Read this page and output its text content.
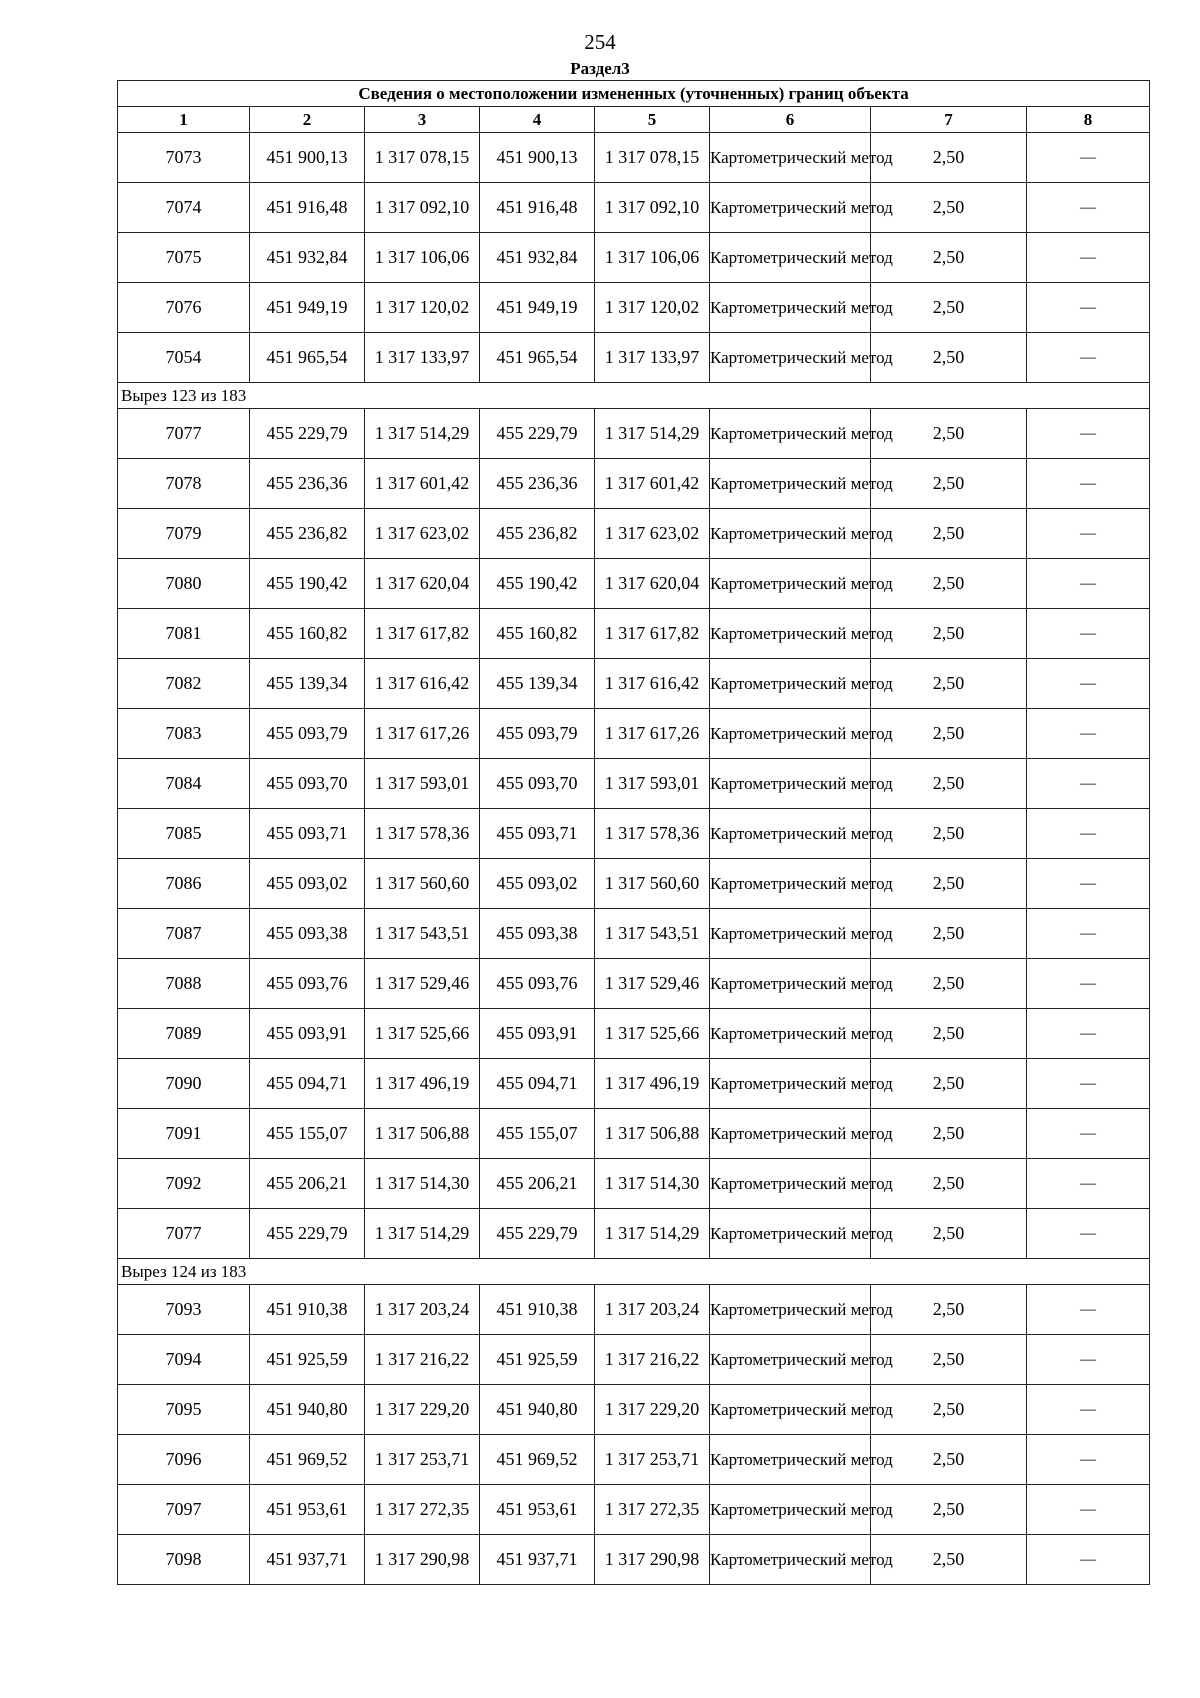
254
Раздел3
Сведения о местоположении измененных (уточненных) границ объекта							
1	2	3	4	5	6	7	8
7073	451 900,13	1 317 078,15	451 900,13	1 317 078,15	Картометрический метод	2,50	—
7074	451 916,48	1 317 092,10	451 916,48	1 317 092,10	Картометрический метод	2,50	—
7075	451 932,84	1 317 106,06	451 932,84	1 317 106,06	Картометрический метод	2,50	—
7076	451 949,19	1 317 120,02	451 949,19	1 317 120,02	Картометрический метод	2,50	—
7054	451 965,54	1 317 133,97	451 965,54	1 317 133,97	Картометрический метод	2,50	—
Вырез 123 из 183							
7077	455 229,79	1 317 514,29	455 229,79	1 317 514,29	Картометрический метод	2,50	—
7078	455 236,36	1 317 601,42	455 236,36	1 317 601,42	Картометрический метод	2,50	—
7079	455 236,82	1 317 623,02	455 236,82	1 317 623,02	Картометрический метод	2,50	—
7080	455 190,42	1 317 620,04	455 190,42	1 317 620,04	Картометрический метод	2,50	—
7081	455 160,82	1 317 617,82	455 160,82	1 317 617,82	Картометрический метод	2,50	—
7082	455 139,34	1 317 616,42	455 139,34	1 317 616,42	Картометрический метод	2,50	—
7083	455 093,79	1 317 617,26	455 093,79	1 317 617,26	Картометрический метод	2,50	—
7084	455 093,70	1 317 593,01	455 093,70	1 317 593,01	Картометрический метод	2,50	—
7085	455 093,71	1 317 578,36	455 093,71	1 317 578,36	Картометрический метод	2,50	—
7086	455 093,02	1 317 560,60	455 093,02	1 317 560,60	Картометрический метод	2,50	—
7087	455 093,38	1 317 543,51	455 093,38	1 317 543,51	Картометрический метод	2,50	—
7088	455 093,76	1 317 529,46	455 093,76	1 317 529,46	Картометрический метод	2,50	—
7089	455 093,91	1 317 525,66	455 093,91	1 317 525,66	Картометрический метод	2,50	—
7090	455 094,71	1 317 496,19	455 094,71	1 317 496,19	Картометрический метод	2,50	—
7091	455 155,07	1 317 506,88	455 155,07	1 317 506,88	Картометрический метод	2,50	—
7092	455 206,21	1 317 514,30	455 206,21	1 317 514,30	Картометрический метод	2,50	—
7077	455 229,79	1 317 514,29	455 229,79	1 317 514,29	Картометрический метод	2,50	—
Вырез 124 из 183							
7093	451 910,38	1 317 203,24	451 910,38	1 317 203,24	Картометрический метод	2,50	—
7094	451 925,59	1 317 216,22	451 925,59	1 317 216,22	Картометрический метод	2,50	—
7095	451 940,80	1 317 229,20	451 940,80	1 317 229,20	Картометрический метод	2,50	—
7096	451 969,52	1 317 253,71	451 969,52	1 317 253,71	Картометрический метод	2,50	—
7097	451 953,61	1 317 272,35	451 953,61	1 317 272,35	Картометрический метод	2,50	—
7098	451 937,71	1 317 290,98	451 937,71	1 317 290,98	Картометрический метод	2,50	—
